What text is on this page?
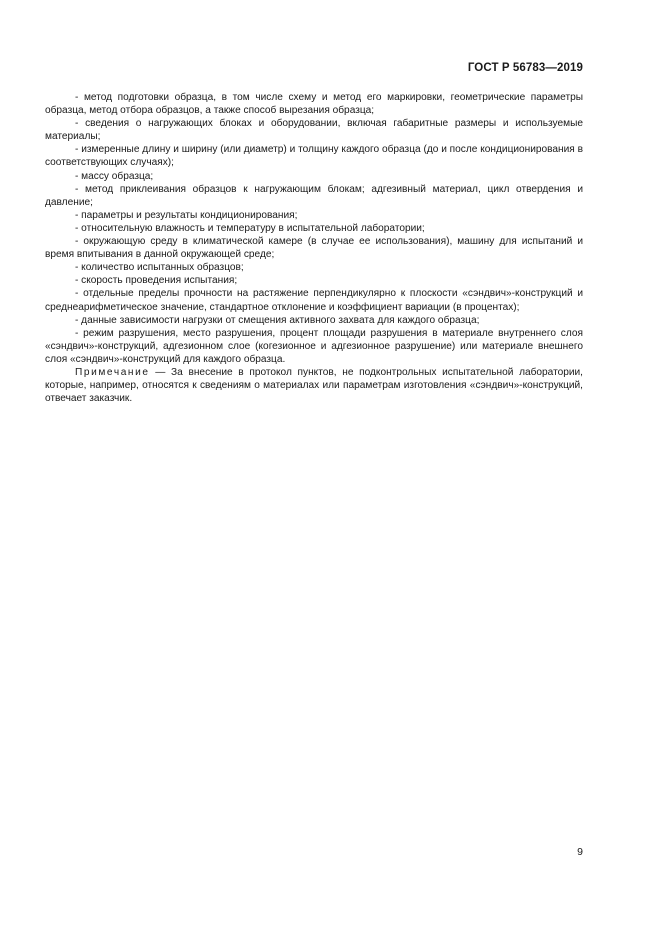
ГОСТ Р 56783—2019

- метод подготовки образца, в том числе схему и метод его маркировки, геометрические параметры образца, метод отбора образцов, а также способ вырезания образца;

- сведения о нагружающих блоках и оборудовании, включая габаритные размеры и используемые материалы;

- измеренные длину и ширину (или диаметр) и толщину каждого образца (до и после кондиционирования в соответствующих случаях);

- массу образца;

- метод приклеивания образцов к нагружающим блокам; адгезивный материал, цикл отвердения и давление;

- параметры и результаты кондиционирования;

- относительную влажность и температуру в испытательной лаборатории;

- окружающую среду в климатической камере (в случае ее использования), машину для испытаний и время впитывания в данной окружающей среде;

- количество испытанных образцов;

- скорость проведения испытания;

- отдельные пределы прочности на растяжение перпендикулярно к плоскости «сэндвич»-конструкций и среднеарифметическое значение, стандартное отклонение и коэффициент вариации (в процентах);

- данные зависимости нагрузки от смещения активного захвата для каждого образца;

- режим разрушения, место разрушения, процент площади разрушения в материале внутреннего слоя «сэндвич»-конструкций, адгезионном слое (когезионное и адгезионное разрушение) или материале внешнего слоя «сэндвич»-конструкций для каждого образца.

Примечание — За внесение в протокол пунктов, не подконтрольных испытательной лаборатории, которые, например, относятся к сведениям о материалах или параметрам изготовления «сэндвич»-конструкций, отвечает заказчик.

9
